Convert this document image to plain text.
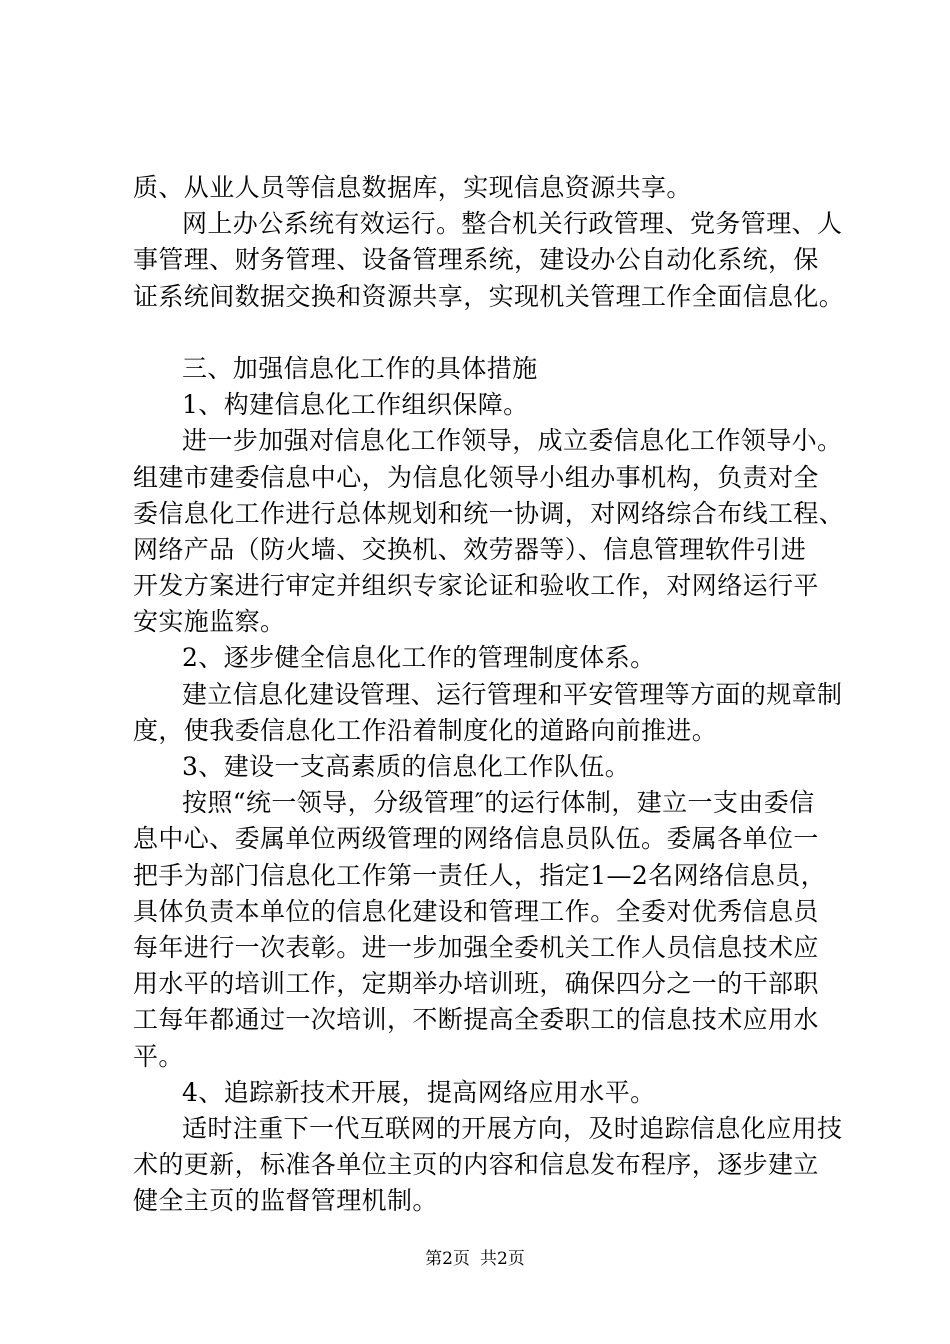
质、从业人员等信息数据库，实现信息资源共享。
网上办公系统有效运行。整合机关行政管理、党务管理、人
事管理、财务管理、设备管理系统，建设办公自动化系统，保
证系统间数据交换和资源共享，实现机关管理工作全面信息化。
三、加强信息化工作的具体措施
1、构建信息化工作组织保障。
进一步加强对信息化工作领导，成立委信息化工作领导小。
组建市建委信息中心，为信息化领导小组办事机构，负责对全
委信息化工作进行总体规划和统一协调，对网络综合布线工程、
网络产品（防火墙、交换机、效劳器等）、信息管理软件引进
开发方案进行审定并组织专家论证和验收工作，对网络运行平
安实施监察。
2、逐步健全信息化工作的管理制度体系。
建立信息化建设管理、运行管理和平安管理等方面的规章制
度，使我委信息化工作沿着制度化的道路向前推进。
3、建设一支高素质的信息化工作队伍。
按照“统一领导，分级管理″的运行体制，建立一支由委信
息中心、委属单位两级管理的网络信息员队伍。委属各单位一
把手为部门信息化工作第一责任人，指定1—2名网络信息员，
具体负责本单位的信息化建设和管理工作。全委对优秀信息员
每年进行一次表彰。进一步加强全委机关工作人员信息技术应
用水平的培训工作，定期举办培训班，确保四分之一的干部职
工每年都通过一次培训，不断提高全委职工的信息技术应用水
平。
4、追踪新技术开展，提高网络应用水平。
适时注重下一代互联网的开展方向，及时追踪信息化应用技
术的更新，标准各单位主页的内容和信息发布程序，逐步建立
健全主页的监督管理机制。
第2页 共2页
